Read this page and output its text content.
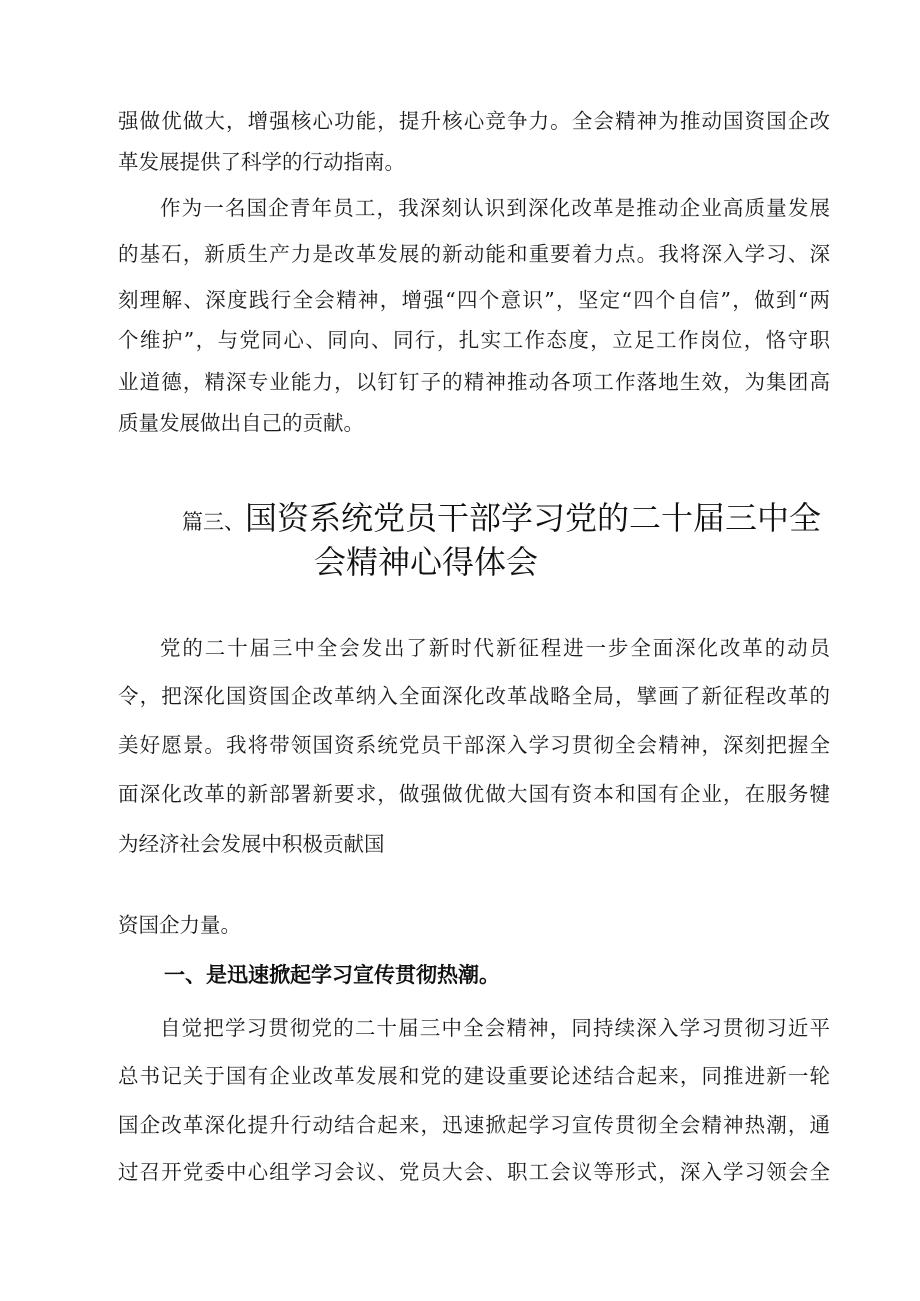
强做优做大，增强核心功能，提升核心竞争力。全会精神为推动国资国企改
革发展提供了科学的行动指南。
作为一名国企青年员工，我深刻认识到深化改革是推动企业高质量发展
的基石，新质生产力是改革发展的新动能和重要着力点。我将深入学习、深
刻理解、深度践行全会精神，增强“四个意识”，坚定“四个自信”，做到“两
个维护”，与党同心、同向、同行，扎实工作态度，立足工作岗位，恪守职
业道德，精深专业能力，以钉钉子的精神推动各项工作落地生效，为集团高
质量发展做出自己的贡献。
篇三、国资系统党员干部学习党的二十届三中全
会精神心得体会
党的二十届三中全会发出了新时代新征程进一步全面深化改革的动员
令，把深化国资国企改革纳入全面深化改革战略全局，擘画了新征程改革的
美好愿景。我将带领国资系统党员干部深入学习贯彻全会精神，深刻把握全
面深化改革的新部署新要求，做强做优做大国有资本和国有企业，在服务犍
为经济社会发展中积极贡献国
资国企力量。
一、是迅速掀起学习宣传贯彻热潮。
自觉把学习贯彻党的二十届三中全会精神，同持续深入学习贯彻习近平
总书记关于国有企业改革发展和党的建设重要论述结合起来，同推进新一轮
国企改革深化提升行动结合起来，迅速掀起学习宣传贯彻全会精神热潮，通
过召开党委中心组学习会议、党员大会、职工会议等形式，深入学习领会全
